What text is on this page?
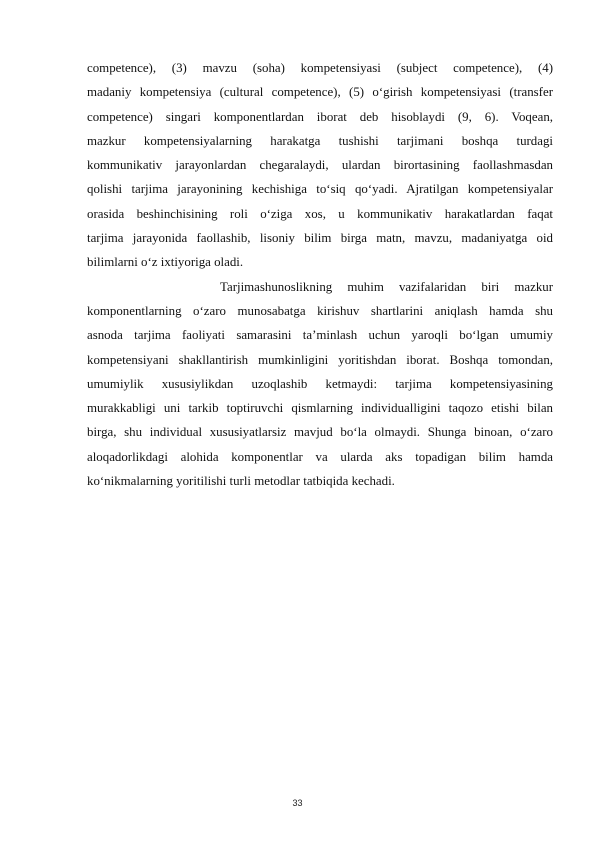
competence), (3) mavzu (soha) kompetensiyasi (subject competence), (4)
madaniy kompetensiya (cultural competence), (5) o‘girish kompetensiyasi (transfer
competence) singari komponentlardan iborat deb hisoblaydi (9, 6). Voqean,
mazkur kompetensiyalarning harakatga tushishi tarjimani boshqa turdagi
kommunikativ jarayonlardan chegaralaydi, ulardan birortasining faollashmasdan
qolishi tarjima jarayonining kechishiga to‘siq qo‘yadi. Ajratilgan kompetensiyalar
orasida beshinchisining roli o‘ziga xos, u kommunikativ harakatlardan faqat
tarjima jarayonida faollashib, lisoniy bilim birga matn, mavzu, madaniyatga oid
bilimlarni o‘z ixtiyoriga oladi.
Tarjimashunoslikning muhim vazifalaridan biri mazkur
komponentlarning o‘zaro munosabatga kirishuv shartlarini aniqlash hamda shu
asnoda tarjima faoliyati samarasini ta’minlash uchun yaroqli bo‘lgan umumiy
kompetensiyani shakllantirish mumkinligini yoritishdan iborat. Boshqa tomondan,
umumiylik xususiylikdan uzoqlashib ketmaydi: tarjima kompetensiyasining
murakkabligi uni tarkib toptiruvchi qismlarning individualligini taqozo etishi bilan
birga, shu individual xususiyatlarsiz mavjud bo‘la olmaydi. Shunga binoan, o‘zaro
aloqadorlikdagi alohida komponentlar va ularda aks topadigan bilim hamda
ko‘nikmalarning yoritilishi turli metodlar tatbiqida kechadi.
33
